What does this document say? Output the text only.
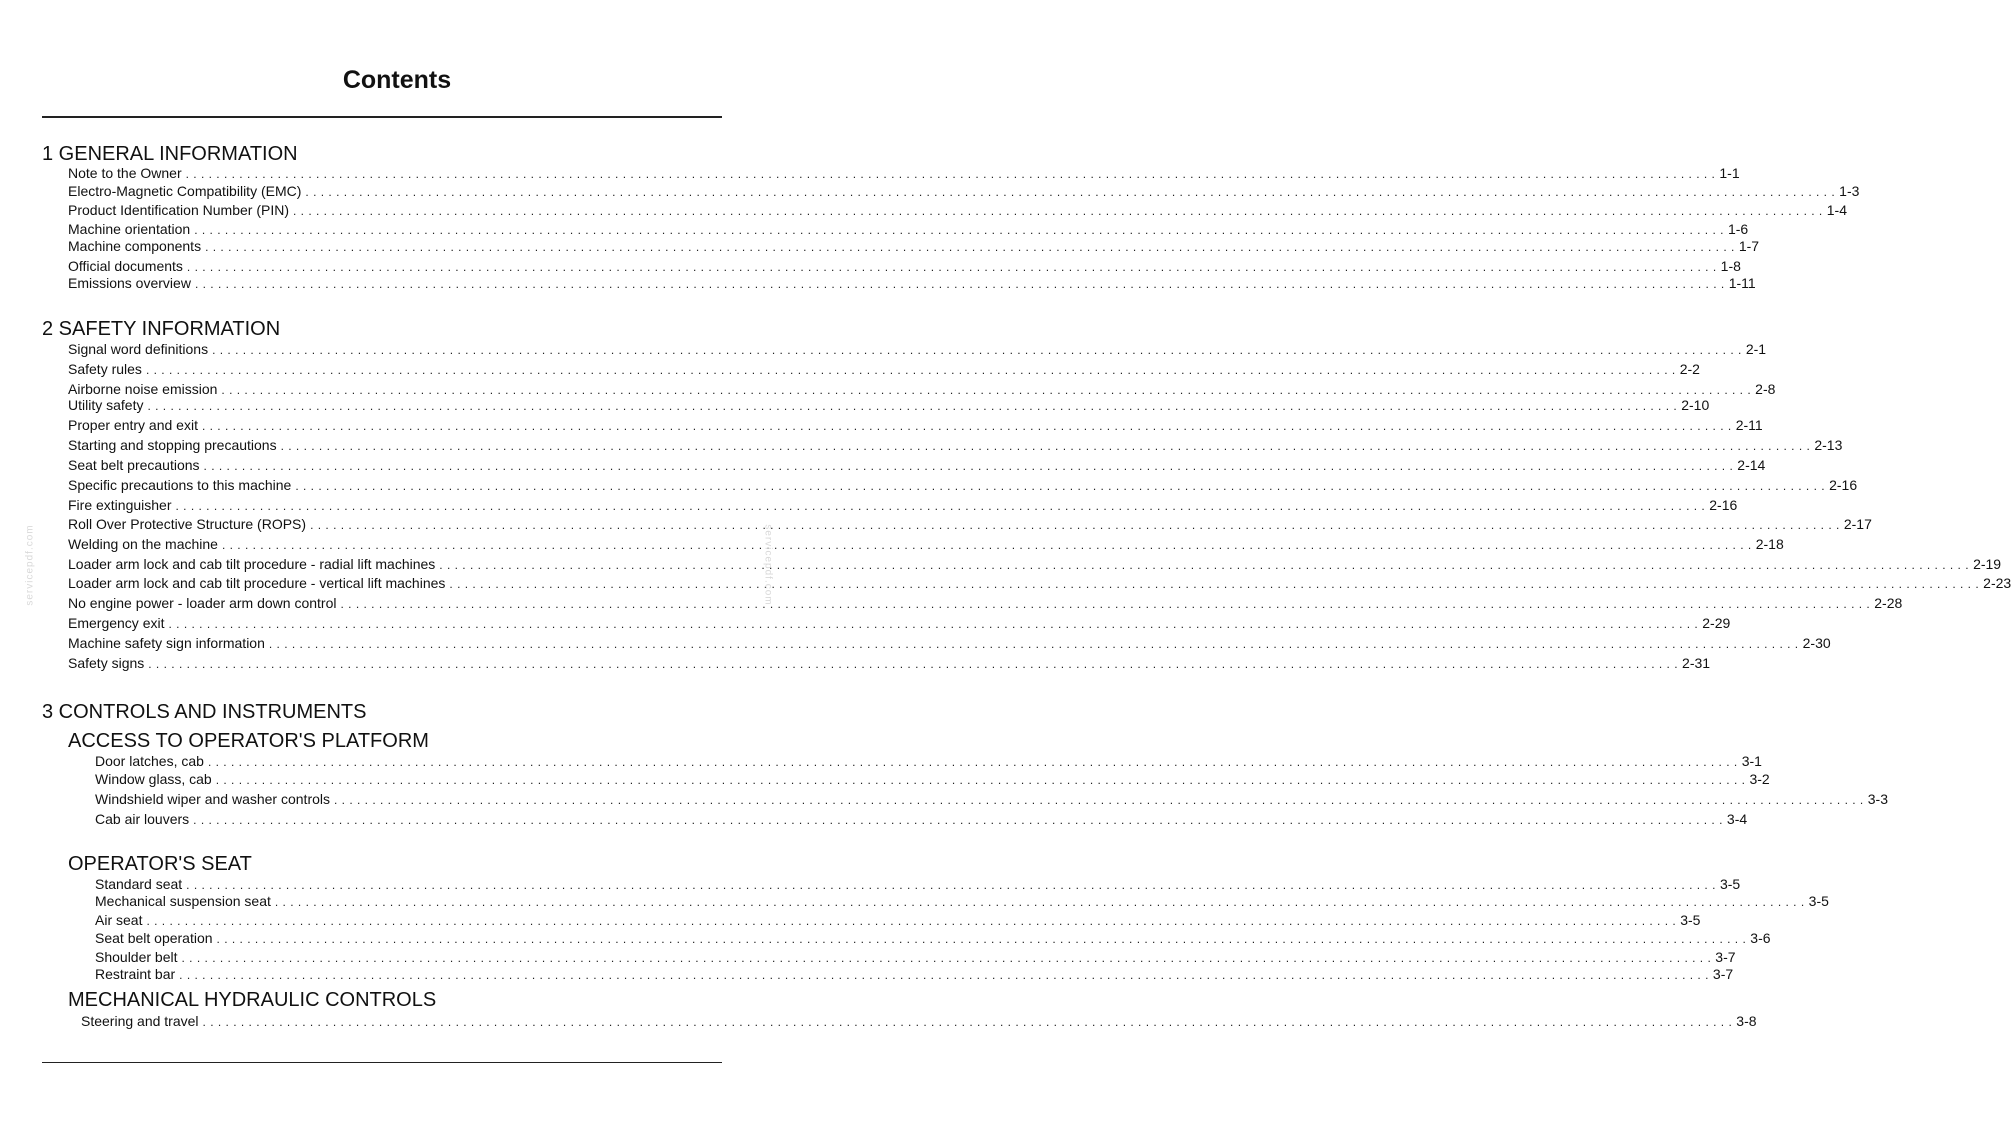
Contents
1 GENERAL INFORMATION
Note to the Owner . . . . . . . . . . . . . . . . . . . . . . . . . . . . . . . . . . . . . . . . . . . . . . . . . . . . . . . . . . . . . . . . . . . . . . . . . . . . . . . . . . . . . . . . . . . . . . . . . . . . . . . . . . . . . . . . . . . . . . . . . . . . . . . . . . . . . . . . . . . . . . . . . . . . . . . . . . . . . . . . . . . . . . . . . . . . . . . . . . . . . . . . . . . . . . . . . . . . . . . . 1-1
Electro-Magnetic Compatibility (EMC) . . . . . . . . . . . . . . . . . . . . . . . . . . . . . . . . . . . . . . . . . . . . . . . . . . . . . . . . . . . . . . . . . . . . . . . . . . . . . . . . . . . . . . . . . . . . . . . . . . . . . . . . . . . . . . . . . . . . . . . . . . . . . . . . . . . . . . . . . . . . . . . . . . . . . . . . . . . . . . . . . . . . . . . . . . . . . . . . . . . . . . . . . . . . . . . . . . . . . . . . 1-3
Product Identification Number (PIN) . . . . . . . . . . . . . . . . . . . . . . . . . . . . . . . . . . . . . . . . . . . . . . . . . . . . . . . . . . . . . . . . . . . . . . . . . . . . . . . . . . . . . . . . . . . . . . . . . . . . . . . . . . . . . . . . . . . . . . . . . . . . . . . . . . . . . . . . . . . . . . . . . . . . . . . . . . . . . . . . . . . . . . . . . . . . . . . . . . . . . . . . . . . . . . . . . . . . . . . . 1-4
Machine orientation . . . . . . . . . . . . . . . . . . . . . . . . . . . . . . . . . . . . . . . . . . . . . . . . . . . . . . . . . . . . . . . . . . . . . . . . . . . . . . . . . . . . . . . . . . . . . . . . . . . . . . . . . . . . . . . . . . . . . . . . . . . . . . . . . . . . . . . . . . . . . . . . . . . . . . . . . . . . . . . . . . . . . . . . . . . . . . . . . . . . . . . . . . . . . . . . . . . . . . . . 1-6
Machine components . . . . . . . . . . . . . . . . . . . . . . . . . . . . . . . . . . . . . . . . . . . . . . . . . . . . . . . . . . . . . . . . . . . . . . . . . . . . . . . . . . . . . . . . . . . . . . . . . . . . . . . . . . . . . . . . . . . . . . . . . . . . . . . . . . . . . . . . . . . . . . . . . . . . . . . . . . . . . . . . . . . . . . . . . . . . . . . . . . . . . . . . . . . . . . . . . . . . . . . . 1-7
Official documents . . . . . . . . . . . . . . . . . . . . . . . . . . . . . . . . . . . . . . . . . . . . . . . . . . . . . . . . . . . . . . . . . . . . . . . . . . . . . . . . . . . . . . . . . . . . . . . . . . . . . . . . . . . . . . . . . . . . . . . . . . . . . . . . . . . . . . . . . . . . . . . . . . . . . . . . . . . . . . . . . . . . . . . . . . . . . . . . . . . . . . . . . . . . . . . . . . . . . . . . 1-8
Emissions overview . . . . . . . . . . . . . . . . . . . . . . . . . . . . . . . . . . . . . . . . . . . . . . . . . . . . . . . . . . . . . . . . . . . . . . . . . . . . . . . . . . . . . . . . . . . . . . . . . . . . . . . . . . . . . . . . . . . . . . . . . . . . . . . . . . . . . . . . . . . . . . . . . . . . . . . . . . . . . . . . . . . . . . . . . . . . . . . . . . . . . . . . . . . . . . . . . . . . . . . . 1-11
2 SAFETY INFORMATION
Signal word definitions . . . . . . . . . . . . . . . . . . . . . . . . . . . . . . . . . . . . . . . . . . . . . . . . . . . . . . . . . . . . . . . . . . . . . . . . . . . . . . . . . . . . . . . . . . . . . . . . . . . . . . . . . . . . . . . . . . . . . . . . . . . . . . . . . . . . . . . . . . . . . . . . . . . . . . . . . . . . . . . . . . . . . . . . . . . . . . . . . . . . . . . . . . . . . . . . . . . . . . . . 2-1
Safety rules . . . . . . . . . . . . . . . . . . . . . . . . . . . . . . . . . . . . . . . . . . . . . . . . . . . . . . . . . . . . . . . . . . . . . . . . . . . . . . . . . . . . . . . . . . . . . . . . . . . . . . . . . . . . . . . . . . . . . . . . . . . . . . . . . . . . . . . . . . . . . . . . . . . . . . . . . . . . . . . . . . . . . . . . . . . . . . . . . . . . . . . . . . . . . . . . . . . . . . . . 2-2
Airborne noise emission . . . . . . . . . . . . . . . . . . . . . . . . . . . . . . . . . . . . . . . . . . . . . . . . . . . . . . . . . . . . . . . . . . . . . . . . . . . . . . . . . . . . . . . . . . . . . . . . . . . . . . . . . . . . . . . . . . . . . . . . . . . . . . . . . . . . . . . . . . . . . . . . . . . . . . . . . . . . . . . . . . . . . . . . . . . . . . . . . . . . . . . . . . . . . . . . . . . . . . . . 2-8
Utility safety . . . . . . . . . . . . . . . . . . . . . . . . . . . . . . . . . . . . . . . . . . . . . . . . . . . . . . . . . . . . . . . . . . . . . . . . . . . . . . . . . . . . . . . . . . . . . . . . . . . . . . . . . . . . . . . . . . . . . . . . . . . . . . . . . . . . . . . . . . . . . . . . . . . . . . . . . . . . . . . . . . . . . . . . . . . . . . . . . . . . . . . . . . . . . . . . . . . . . . . . 2-10
Proper entry and exit . . . . . . . . . . . . . . . . . . . . . . . . . . . . . . . . . . . . . . . . . . . . . . . . . . . . . . . . . . . . . . . . . . . . . . . . . . . . . . . . . . . . . . . . . . . . . . . . . . . . . . . . . . . . . . . . . . . . . . . . . . . . . . . . . . . . . . . . . . . . . . . . . . . . . . . . . . . . . . . . . . . . . . . . . . . . . . . . . . . . . . . . . . . . . . . . . . . . . . . . 2-11
Starting and stopping precautions . . . . . . . . . . . . . . . . . . . . . . . . . . . . . . . . . . . . . . . . . . . . . . . . . . . . . . . . . . . . . . . . . . . . . . . . . . . . . . . . . . . . . . . . . . . . . . . . . . . . . . . . . . . . . . . . . . . . . . . . . . . . . . . . . . . . . . . . . . . . . . . . . . . . . . . . . . . . . . . . . . . . . . . . . . . . . . . . . . . . . . . . . . . . . . . . . . . . . . . . 2-13
Seat belt precautions . . . . . . . . . . . . . . . . . . . . . . . . . . . . . . . . . . . . . . . . . . . . . . . . . . . . . . . . . . . . . . . . . . . . . . . . . . . . . . . . . . . . . . . . . . . . . . . . . . . . . . . . . . . . . . . . . . . . . . . . . . . . . . . . . . . . . . . . . . . . . . . . . . . . . . . . . . . . . . . . . . . . . . . . . . . . . . . . . . . . . . . . . . . . . . . . . . . . . . . . 2-14
Specific precautions to this machine . . . . . . . . . . . . . . . . . . . . . . . . . . . . . . . . . . . . . . . . . . . . . . . . . . . . . . . . . . . . . . . . . . . . . . . . . . . . . . . . . . . . . . . . . . . . . . . . . . . . . . . . . . . . . . . . . . . . . . . . . . . . . . . . . . . . . . . . . . . . . . . . . . . . . . . . . . . . . . . . . . . . . . . . . . . . . . . . . . . . . . . . . . . . . . . . . . . . . . . . 2-16
Fire extinguisher . . . . . . . . . . . . . . . . . . . . . . . . . . . . . . . . . . . . . . . . . . . . . . . . . . . . . . . . . . . . . . . . . . . . . . . . . . . . . . . . . . . . . . . . . . . . . . . . . . . . . . . . . . . . . . . . . . . . . . . . . . . . . . . . . . . . . . . . . . . . . . . . . . . . . . . . . . . . . . . . . . . . . . . . . . . . . . . . . . . . . . . . . . . . . . . . . . . . . . . . 2-16
Roll Over Protective Structure (ROPS) . . . . . . . . . . . . . . . . . . . . . . . . . . . . . . . . . . . . . . . . . . . . . . . . . . . . . . . . . . . . . . . . . . . . . . . . . . . . . . . . . . . . . . . . . . . . . . . . . . . . . . . . . . . . . . . . . . . . . . . . . . . . . . . . . . . . . . . . . . . . . . . . . . . . . . . . . . . . . . . . . . . . . . . . . . . . . . . . . . . . . . . . . . . . . . . . . . . . . . . . 2-17
Welding on the machine . . . . . . . . . . . . . . . . . . . . . . . . . . . . . . . . . . . . . . . . . . . . . . . . . . . . . . . . . . . . . . . . . . . . . . . . . . . . . . . . . . . . . . . . . . . . . . . . . . . . . . . . . . . . . . . . . . . . . . . . . . . . . . . . . . . . . . . . . . . . . . . . . . . . . . . . . . . . . . . . . . . . . . . . . . . . . . . . . . . . . . . . . . . . . . . . . . . . . . . . 2-18
Loader arm lock and cab tilt procedure - radial lift machines . . . . . . . . . . . . . . . . . . . . . . . . . . . . . . . . . . . . . . . . . . . . . . . . . . . . . . . . . . . . . . . . . . . . . . . . . . . . . . . . . . . . . . . . . . . . . . . . . . . . . . . . . . . . . . . . . . . . . . . . . . . . . . . . . . . . . . . . . . . . . . . . . . . . . . . . . . . . . . . . . . . . . . . . . . . . . . . . . . . . . . . . . . . . . . . . . . . . . . . . 2-19
Loader arm lock and cab tilt procedure - vertical lift machines . . . . . . . . . . . . . . . . . . . . . . . . . . . . . . . . . . . . . . . . . . . . . . . . . . . . . . . . . . . . . . . . . . . . . . . . . . . . . . . . . . . . . . . . . . . . . . . . . . . . . . . . . . . . . . . . . . . . . . . . . . . . . . . . . . . . . . . . . . . . . . . . . . . . . . . . . . . . . . . . . . . . . . . . . . . . . . . . . . . . . . . . . . . . . . . . . . . . . . . . 2-23
No engine power - loader arm down control . . . . . . . . . . . . . . . . . . . . . . . . . . . . . . . . . . . . . . . . . . . . . . . . . . . . . . . . . . . . . . . . . . . . . . . . . . . . . . . . . . . . . . . . . . . . . . . . . . . . . . . . . . . . . . . . . . . . . . . . . . . . . . . . . . . . . . . . . . . . . . . . . . . . . . . . . . . . . . . . . . . . . . . . . . . . . . . . . . . . . . . . . . . . . . . . . . . . . . . . 2-28
Emergency exit . . . . . . . . . . . . . . . . . . . . . . . . . . . . . . . . . . . . . . . . . . . . . . . . . . . . . . . . . . . . . . . . . . . . . . . . . . . . . . . . . . . . . . . . . . . . . . . . . . . . . . . . . . . . . . . . . . . . . . . . . . . . . . . . . . . . . . . . . . . . . . . . . . . . . . . . . . . . . . . . . . . . . . . . . . . . . . . . . . . . . . . . . . . . . . . . . . . . . . . . 2-29
Machine safety sign information . . . . . . . . . . . . . . . . . . . . . . . . . . . . . . . . . . . . . . . . . . . . . . . . . . . . . . . . . . . . . . . . . . . . . . . . . . . . . . . . . . . . . . . . . . . . . . . . . . . . . . . . . . . . . . . . . . . . . . . . . . . . . . . . . . . . . . . . . . . . . . . . . . . . . . . . . . . . . . . . . . . . . . . . . . . . . . . . . . . . . . . . . . . . . . . . . . . . . . . . 2-30
Safety signs . . . . . . . . . . . . . . . . . . . . . . . . . . . . . . . . . . . . . . . . . . . . . . . . . . . . . . . . . . . . . . . . . . . . . . . . . . . . . . . . . . . . . . . . . . . . . . . . . . . . . . . . . . . . . . . . . . . . . . . . . . . . . . . . . . . . . . . . . . . . . . . . . . . . . . . . . . . . . . . . . . . . . . . . . . . . . . . . . . . . . . . . . . . . . . . . . . . . . . . . 2-31
3 CONTROLS AND INSTRUMENTS
ACCESS TO OPERATOR'S PLATFORM
Door latches, cab . . . . . . . . . . . . . . . . . . . . . . . . . . . . . . . . . . . . . . . . . . . . . . . . . . . . . . . . . . . . . . . . . . . . . . . . . . . . . . . . . . . . . . . . . . . . . . . . . . . . . . . . . . . . . . . . . . . . . . . . . . . . . . . . . . . . . . . . . . . . . . . . . . . . . . . . . . . . . . . . . . . . . . . . . . . . . . . . . . . . . . . . . . . . . . . . . . . . . . . . 3-1
Window glass, cab . . . . . . . . . . . . . . . . . . . . . . . . . . . . . . . . . . . . . . . . . . . . . . . . . . . . . . . . . . . . . . . . . . . . . . . . . . . . . . . . . . . . . . . . . . . . . . . . . . . . . . . . . . . . . . . . . . . . . . . . . . . . . . . . . . . . . . . . . . . . . . . . . . . . . . . . . . . . . . . . . . . . . . . . . . . . . . . . . . . . . . . . . . . . . . . . . . . . . . . . 3-2
Windshield wiper and washer controls . . . . . . . . . . . . . . . . . . . . . . . . . . . . . . . . . . . . . . . . . . . . . . . . . . . . . . . . . . . . . . . . . . . . . . . . . . . . . . . . . . . . . . . . . . . . . . . . . . . . . . . . . . . . . . . . . . . . . . . . . . . . . . . . . . . . . . . . . . . . . . . . . . . . . . . . . . . . . . . . . . . . . . . . . . . . . . . . . . . . . . . . . . . . . . . . . . . . . . . . 3-3
Cab air louvers . . . . . . . . . . . . . . . . . . . . . . . . . . . . . . . . . . . . . . . . . . . . . . . . . . . . . . . . . . . . . . . . . . . . . . . . . . . . . . . . . . . . . . . . . . . . . . . . . . . . . . . . . . . . . . . . . . . . . . . . . . . . . . . . . . . . . . . . . . . . . . . . . . . . . . . . . . . . . . . . . . . . . . . . . . . . . . . . . . . . . . . . . . . . . . . . . . . . . . . . 3-4
OPERATOR'S SEAT
Standard seat . . . . . . . . . . . . . . . . . . . . . . . . . . . . . . . . . . . . . . . . . . . . . . . . . . . . . . . . . . . . . . . . . . . . . . . . . . . . . . . . . . . . . . . . . . . . . . . . . . . . . . . . . . . . . . . . . . . . . . . . . . . . . . . . . . . . . . . . . . . . . . . . . . . . . . . . . . . . . . . . . . . . . . . . . . . . . . . . . . . . . . . . . . . . . . . . . . . . . . . . 3-5
Mechanical suspension seat . . . . . . . . . . . . . . . . . . . . . . . . . . . . . . . . . . . . . . . . . . . . . . . . . . . . . . . . . . . . . . . . . . . . . . . . . . . . . . . . . . . . . . . . . . . . . . . . . . . . . . . . . . . . . . . . . . . . . . . . . . . . . . . . . . . . . . . . . . . . . . . . . . . . . . . . . . . . . . . . . . . . . . . . . . . . . . . . . . . . . . . . . . . . . . . . . . . . . . . . 3-5
Air seat . . . . . . . . . . . . . . . . . . . . . . . . . . . . . . . . . . . . . . . . . . . . . . . . . . . . . . . . . . . . . . . . . . . . . . . . . . . . . . . . . . . . . . . . . . . . . . . . . . . . . . . . . . . . . . . . . . . . . . . . . . . . . . . . . . . . . . . . . . . . . . . . . . . . . . . . . . . . . . . . . . . . . . . . . . . . . . . . . . . . . . . . . . . . . . . . . . . . . . . . 3-5
Seat belt operation . . . . . . . . . . . . . . . . . . . . . . . . . . . . . . . . . . . . . . . . . . . . . . . . . . . . . . . . . . . . . . . . . . . . . . . . . . . . . . . . . . . . . . . . . . . . . . . . . . . . . . . . . . . . . . . . . . . . . . . . . . . . . . . . . . . . . . . . . . . . . . . . . . . . . . . . . . . . . . . . . . . . . . . . . . . . . . . . . . . . . . . . . . . . . . . . . . . . . . . . 3-6
Shoulder belt . . . . . . . . . . . . . . . . . . . . . . . . . . . . . . . . . . . . . . . . . . . . . . . . . . . . . . . . . . . . . . . . . . . . . . . . . . . . . . . . . . . . . . . . . . . . . . . . . . . . . . . . . . . . . . . . . . . . . . . . . . . . . . . . . . . . . . . . . . . . . . . . . . . . . . . . . . . . . . . . . . . . . . . . . . . . . . . . . . . . . . . . . . . . . . . . . . . . . . . . 3-7
Restraint bar . . . . . . . . . . . . . . . . . . . . . . . . . . . . . . . . . . . . . . . . . . . . . . . . . . . . . . . . . . . . . . . . . . . . . . . . . . . . . . . . . . . . . . . . . . . . . . . . . . . . . . . . . . . . . . . . . . . . . . . . . . . . . . . . . . . . . . . . . . . . . . . . . . . . . . . . . . . . . . . . . . . . . . . . . . . . . . . . . . . . . . . . . . . . . . . . . . . . . . . . 3-7
MECHANICAL HYDRAULIC CONTROLS
Steering and travel . . . . . . . . . . . . . . . . . . . . . . . . . . . . . . . . . . . . . . . . . . . . . . . . . . . . . . . . . . . . . . . . . . . . . . . . . . . . . . . . . . . . . . . . . . . . . . . . . . . . . . . . . . . . . . . . . . . . . . . . . . . . . . . . . . . . . . . . . . . . . . . . . . . . . . . . . . . . . . . . . . . . . . . . . . . . . . . . . . . . . . . . . . . . . . . . . . . . . . . . 3-8
servicepdf.com	servicepdf.com
